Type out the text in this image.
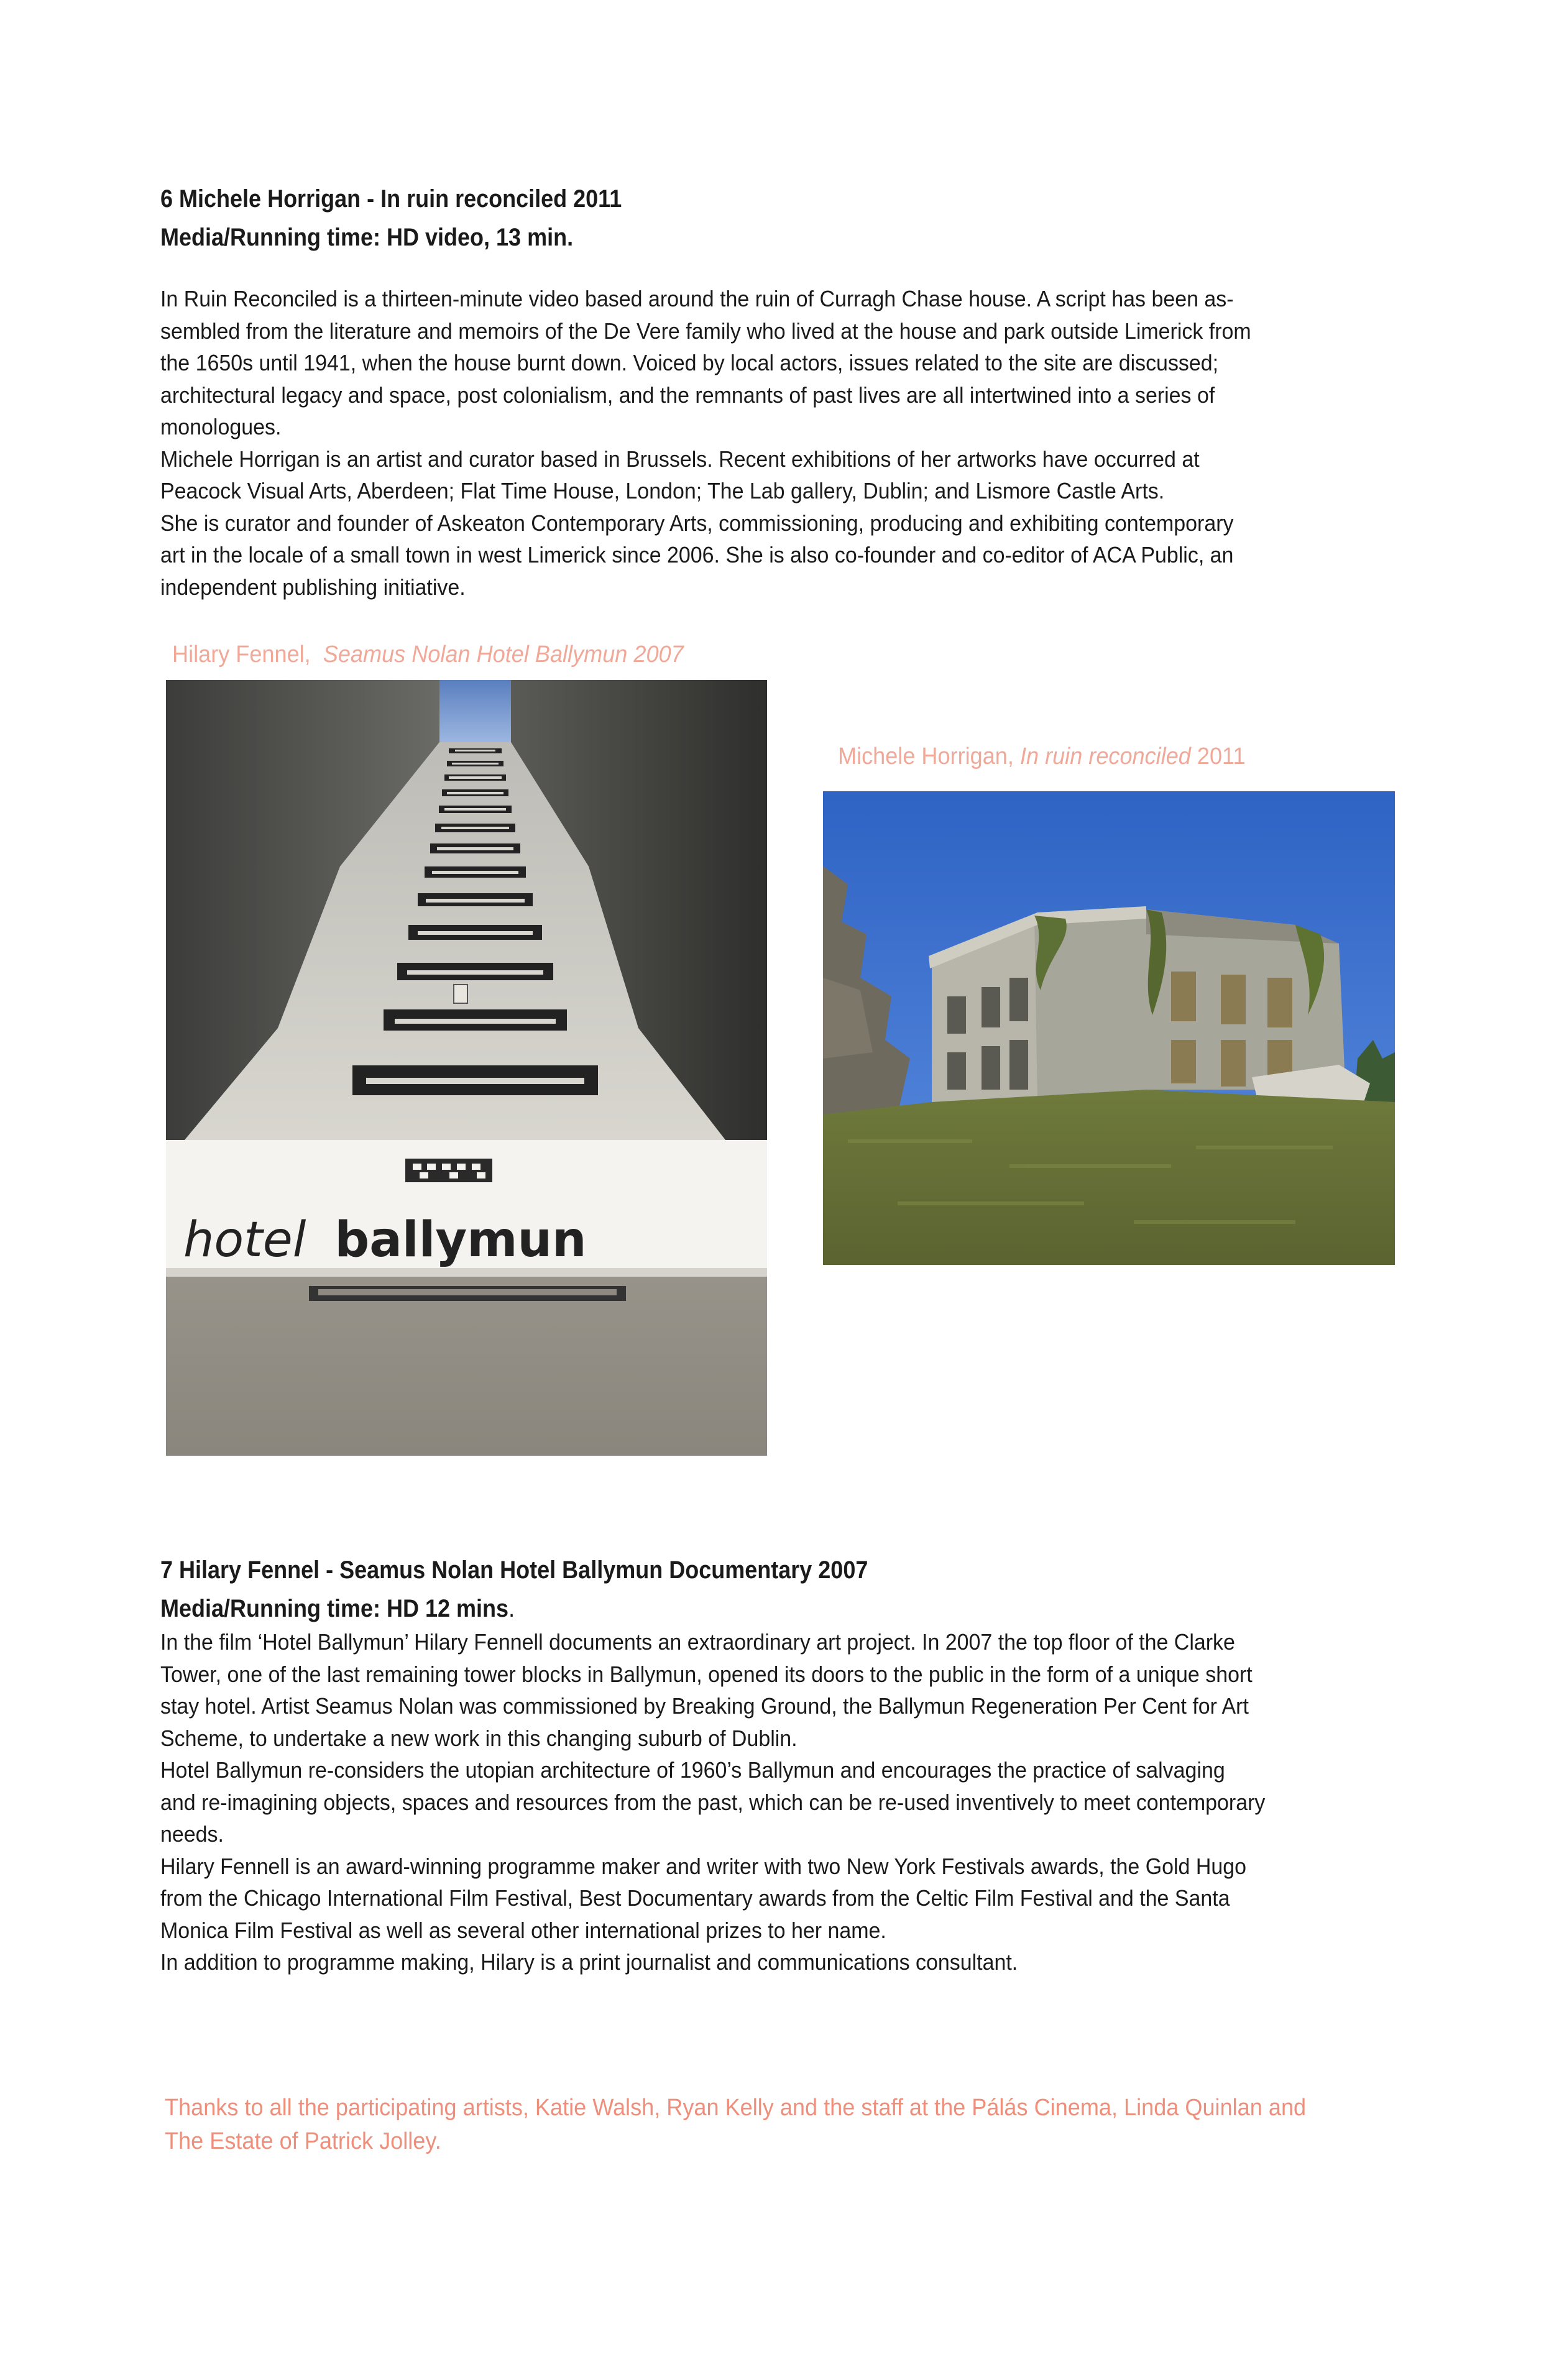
6 Michele Horrigan - In ruin reconciled 2011
Media/Running time: HD video, 13 min.

In Ruin Reconciled is a thirteen-minute video based around the ruin of Curragh Chase house. A script has been as-

sembled from the literature and memoirs of the De Vere family who lived at the house and park outside Limerick from

the 1650s until 1941, when the house burnt down. Voiced by local actors, issues related to the site are discussed;

architectural legacy and space, post colonialism, and the remnants of past lives are all intertwined into a series of

monologues.

Michele Horrigan is an artist and curator based in Brussels. Recent exhibitions of her artworks have occurred at

Peacock Visual Arts, Aberdeen; Flat Time House, London; The Lab gallery, Dublin; and Lismore Castle Arts.

She is curator and founder of Askeaton Contemporary Arts, commissioning, producing and exhibiting contemporary

art in the locale of a small town in west Limerick since 2006. She is also co-founder and co-editor of ACA Public, an

independent publishing initiative.

Hilary Fennel, Seamus Nolan Hotel Ballymun 2007
hotel ballymun
Michele Horrigan, In ruin reconciled 2011
7 Hilary Fennel - Seamus Nolan Hotel Ballymun Documentary 2007
Media/Running time: HD 12 mins.

In the film ‘Hotel Ballymun’ Hilary Fennell documents an extraordinary art project. In 2007 the top floor of the Clarke

Tower, one of the last remaining tower blocks in Ballymun, opened its doors to the public in the form of a unique short

stay hotel. Artist Seamus Nolan was commissioned by Breaking Ground, the Ballymun Regeneration Per Cent for Art

Scheme, to undertake a new work in this changing suburb of Dublin.

Hotel Ballymun re-considers the utopian architecture of 1960’s Ballymun and encourages the practice of salvaging

and re-imagining objects, spaces and resources from the past, which can be re-used inventively to meet contemporary

needs.

Hilary Fennell is an award-winning programme maker and writer with two New York Festivals awards, the Gold Hugo

from the Chicago International Film Festival, Best Documentary awards from the Celtic Film Festival and the Santa

Monica Film Festival as well as several other international prizes to her name.

In addition to programme making, Hilary is a print journalist and communications consultant.
Thanks to all the participating artists, Katie Walsh, Ryan Kelly and the staff at the Pálás Cinema, Linda Quinlan and
The Estate of Patrick Jolley.
